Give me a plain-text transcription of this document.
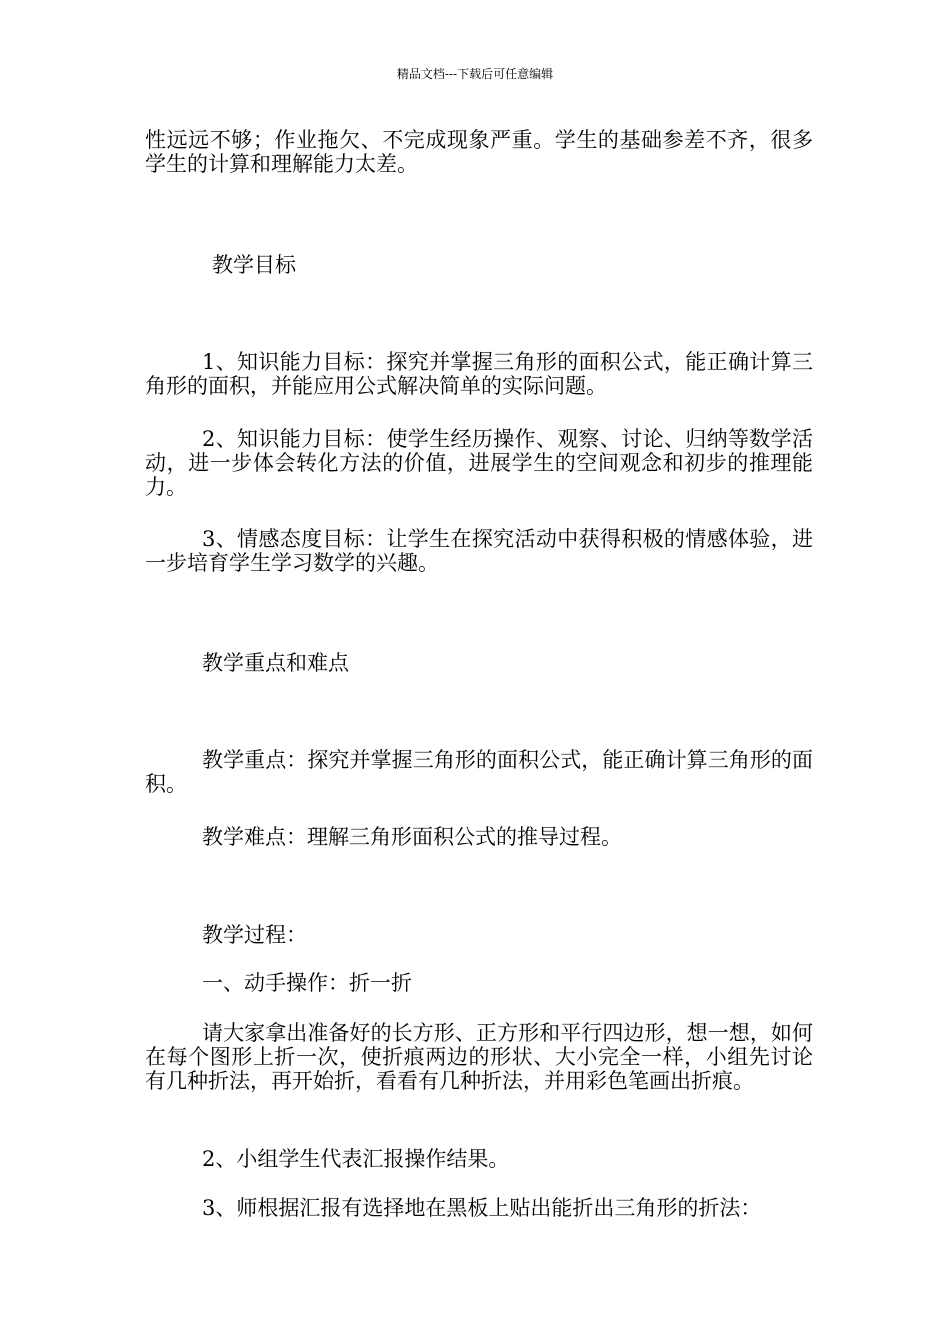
精品文档---下载后可任意编辑

性远远不够；作业拖欠、不完成现象严重。学生的基础参差不齐，很多学生的计算和理解能力太差。

教学目标

1、知识能力目标：探究并掌握三角形的面积公式，能正确计算三角形的面积，并能应用公式解决简单的实际问题。

2、知识能力目标：使学生经历操作、观察、讨论、归纳等数学活动，进一步体会转化方法的价值，进展学生的空间观念和初步的推理能力。

3、情感态度目标：让学生在探究活动中获得积极的情感体验，进一步培育学生学习数学的兴趣。

教学重点和难点

教学重点：探究并掌握三角形的面积公式，能正确计算三角形的面积。

教学难点：理解三角形面积公式的推导过程。

教学过程：

一、动手操作：折一折

请大家拿出准备好的长方形、正方形和平行四边形，想一想，如何在每个图形上折一次，使折痕两边的形状、大小完全一样，小组先讨论有几种折法，再开始折，看看有几种折法，并用彩色笔画出折痕。

2、小组学生代表汇报操作结果。

3、师根据汇报有选择地在黑板上贴出能折出三角形的折法：
